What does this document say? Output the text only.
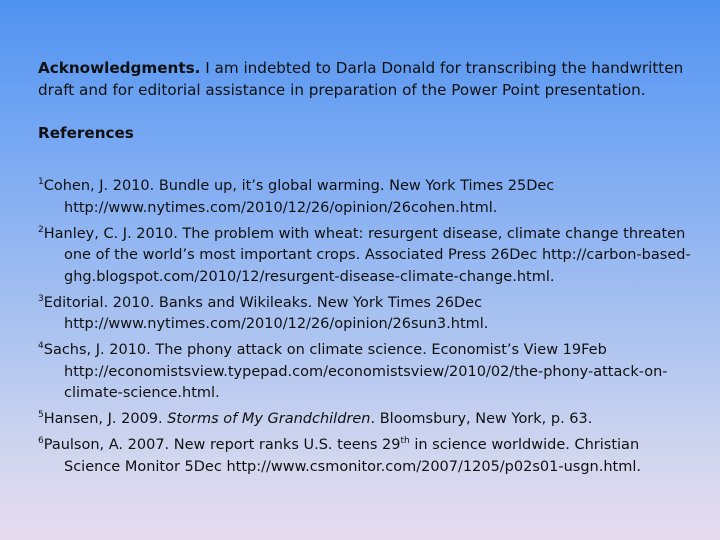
Acknowledgments. I am indebted to Darla Donald for transcribing the handwritten draft and for editorial assistance in preparation of the Power Point presentation.

References
$^1$Cohen, J. 2010. Bundle up, it’s global warming. New York Times 25Dec http://www.nytimes.com/2010/12/26/opinion/26cohen.html.
$^2$Hanley, C. J. 2010. The problem with wheat: resurgent disease, climate change threaten one of the world’s most important crops. Associated Press 26Dec http://carbon-based-ghg.blogspot.com/2010/12/resurgent-disease-climate-change.html.
$^3$Editorial. 2010. Banks and Wikileaks. New York Times 26Dec http://www.nytimes.com/2010/12/26/opinion/26sun3.html.
$^4$Sachs, J. 2010. The phony attack on climate science. Economist’s View 19Feb http://economistsview.typepad.com/economistsview/2010/02/the-phony-attack-on-climate-science.html.
$^5$Hansen, J. 2009. Storms of My Grandchildren. Bloomsbury, New York, p. 63.
$^6$Paulson, A. 2007. New report ranks U.S. teens 29th in science worldwide. Christian Science Monitor 5Dec http://www.csmonitor.com/2007/1205/p02s01-usgn.html.
